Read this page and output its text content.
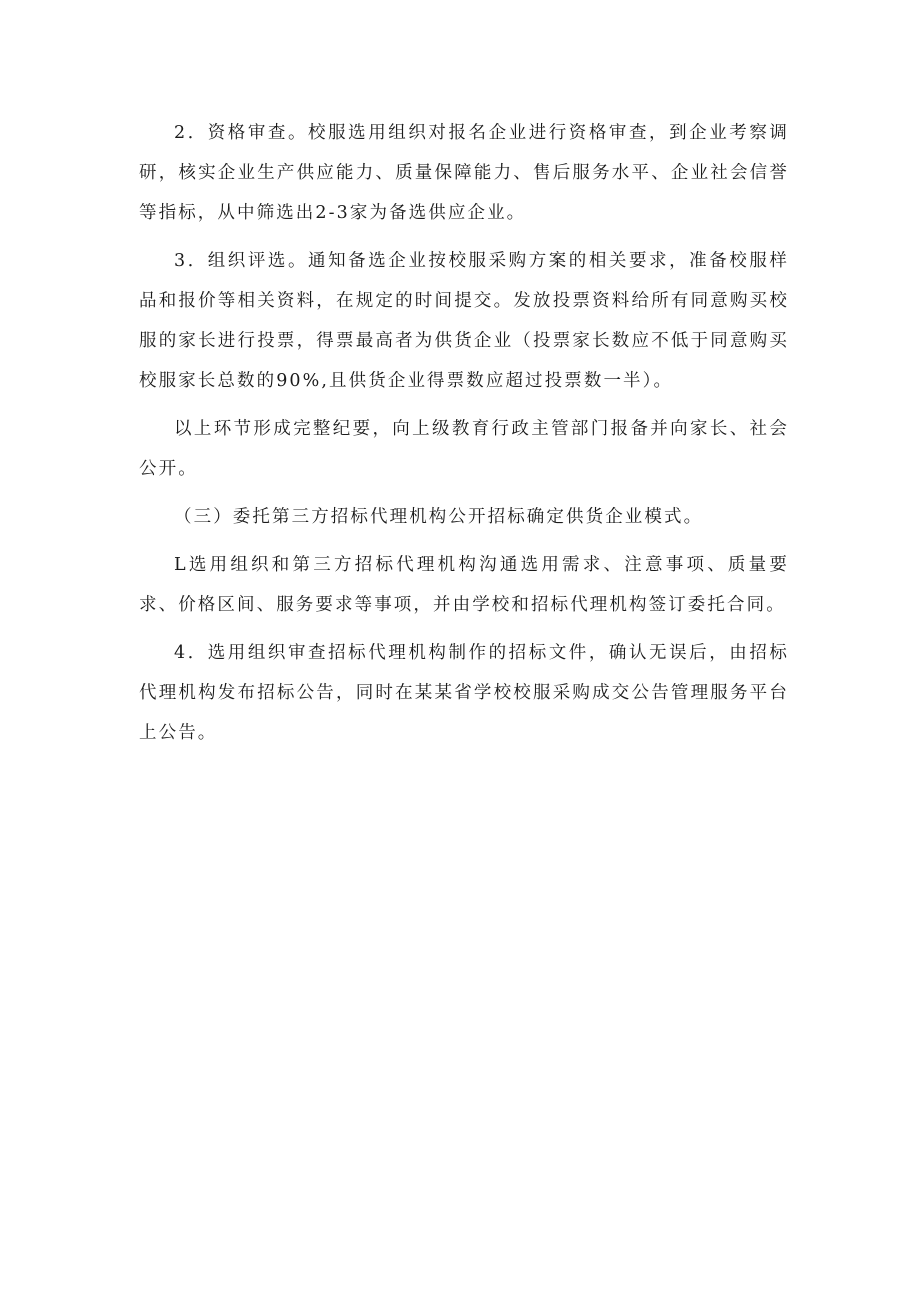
2．资格审查。校服选用组织对报名企业进行资格审查，到企业考察调研，核实企业生产供应能力、质量保障能力、售后服务水平、企业社会信誉等指标，从中筛选出2-3家为备选供应企业。

3．组织评选。通知备选企业按校服采购方案的相关要求，准备校服样品和报价等相关资料，在规定的时间提交。发放投票资料给所有同意购买校服的家长进行投票，得票最高者为供货企业（投票家长数应不低于同意购买校服家长总数的90%,且供货企业得票数应超过投票数一半）。

以上环节形成完整纪要，向上级教育行政主管部门报备并向家长、社会公开。

（三）委托第三方招标代理机构公开招标确定供货企业模式。

L选用组织和第三方招标代理机构沟通选用需求、注意事项、质量要求、价格区间、服务要求等事项，并由学校和招标代理机构签订委托合同。

4．选用组织审查招标代理机构制作的招标文件，确认无误后，由招标代理机构发布招标公告，同时在某某省学校校服采购成交公告管理服务平台上公告。
